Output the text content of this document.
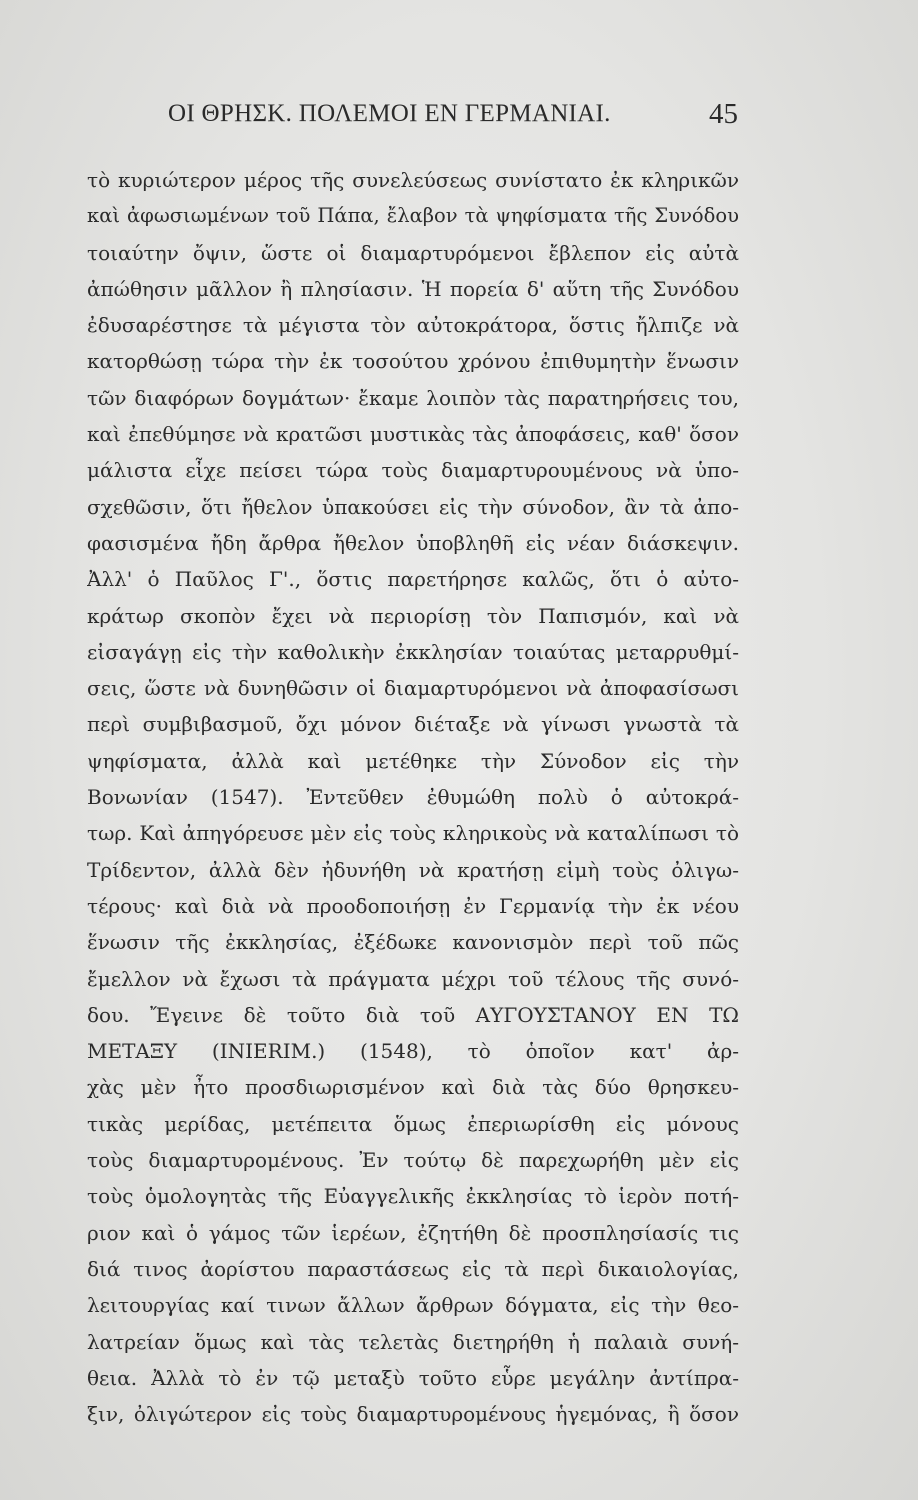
ΟΙ ΘΡΗΣΚ. ΠΟΛΕΜΟΙ ΕΝ ΓΕΡΜΑΝΙΑΙ.	45
τὸ κυριώτερον μέρος τῆς συνελεύσεως συνίστατο ἐκ κληρικῶν
καὶ ἀφωσιωμένων τοῦ Πάπα, ἔλαβον τὰ ψηφίσματα τῆς Συνόδου
τοιαύτην ὄψιν, ὥστε οἱ διαμαρτυρόμενοι ἔβλεπον εἰς αὐτὰ
ἀπώθησιν μᾶλλον ἢ πλησίασιν. Ἡ πορεία δ' αὕτη τῆς Συνόδου
ἐδυσαρέστησε τὰ μέγιστα τὸν αὐτοκράτορα, ὅστις ἤλπιζε νὰ
κατορθώσῃ τώρα τὴν ἐκ τοσούτου χρόνου ἐπιθυμητὴν ἕνωσιν
τῶν διαφόρων δογμάτων· ἔκαμε λοιπὸν τὰς παρατηρήσεις του,
καὶ ἐπεθύμησε νὰ κρατῶσι μυστικὰς τὰς ἀποφάσεις, καθ' ὅσον
μάλιστα εἶχε πείσει τώρα τοὺς διαμαρτυρουμένους νὰ ὑπο-
σχεθῶσιν, ὅτι ἤθελον ὑπακούσει εἰς τὴν σύνοδον, ἂν τὰ ἀπο-
φασισμένα ἤδη ἄρθρα ἤθελον ὑποβληθῆ εἰς νέαν διάσκεψιν.
Ἀλλ' ὁ Παῦλος Γ'., ὅστις παρετήρησε καλῶς, ὅτι ὁ αὐτο-
κράτωρ σκοπὸν ἔχει νὰ περιορίσῃ τὸν Παπισμόν, καὶ νὰ
εἰσαγάγῃ εἰς τὴν καθολικὴν ἐκκλησίαν τοιαύτας μεταρρυθμί-
σεις, ὥστε νὰ δυνηθῶσιν οἱ διαμαρτυρόμενοι νὰ ἀποφασίσωσι
περὶ συμβιβασμοῦ, ὄχι μόνον διέταξε νὰ γίνωσι γνωστὰ τὰ
ψηφίσματα, ἀλλὰ καὶ μετέθηκε τὴν Σύνοδον εἰς τὴν
Βονωνίαν (1547). Ἐντεῦθεν ἐθυμώθη πολὺ ὁ αὐτοκρά-
τωρ. Καὶ ἀπηγόρευσε μὲν εἰς τοὺς κληρικοὺς νὰ καταλίπωσι τὸ
Τρίδεντον, ἀλλὰ δὲν ἠδυνήθη νὰ κρατήσῃ εἰμὴ τοὺς ὀλιγω-
τέρους· καὶ διὰ νὰ προοδοποιήσῃ ἐν Γερμανίᾳ τὴν ἐκ νέου
ἕνωσιν τῆς ἐκκλησίας, ἐξέδωκε κανονισμὸν περὶ τοῦ πῶς
ἔμελλον νὰ ἔχωσι τὰ πράγματα μέχρι τοῦ τέλους τῆς συνό-
δου. Ἔγεινε δὲ τοῦτο διὰ τοῦ ΑΥΓΟΥΣΤΑΝΟΥ ΕΝ ΤΩ
ΜΕΤΑΞΥ (INIERIM.) (1548), τὸ ὁποῖον κατ' ἀρ-
χὰς μὲν ἦτο προσδιωρισμένον καὶ διὰ τὰς δύο θρησκευ-
τικὰς μερίδας, μετέπειτα ὅμως ἐπεριωρίσθη εἰς μόνους
τοὺς διαμαρτυρομένους. Ἐν τούτῳ δὲ παρεχωρήθη μὲν εἰς
τοὺς ὁμολογητὰς τῆς Εὐαγγελικῆς ἐκκλησίας τὸ ἱερὸν ποτή-
ριον καὶ ὁ γάμος τῶν ἱερέων, ἐζητήθη δὲ προσπλησίασίς τις
διά τινος ἀορίστου παραστάσεως εἰς τὰ περὶ δικαιολογίας,
λειτουργίας καί τινων ἄλλων ἄρθρων δόγματα, εἰς τὴν θεο-
λατρείαν ὅμως καὶ τὰς τελετὰς διετηρήθη ἡ παλαιὰ συνή-
θεια. Ἀλλὰ τὸ ἐν τῷ μεταξὺ τοῦτο εὗρε μεγάλην ἀντίπρα-
ξιν, ὀλιγώτερον εἰς τοὺς διαμαρτυρομένους ἡγεμόνας, ἢ ὅσον
